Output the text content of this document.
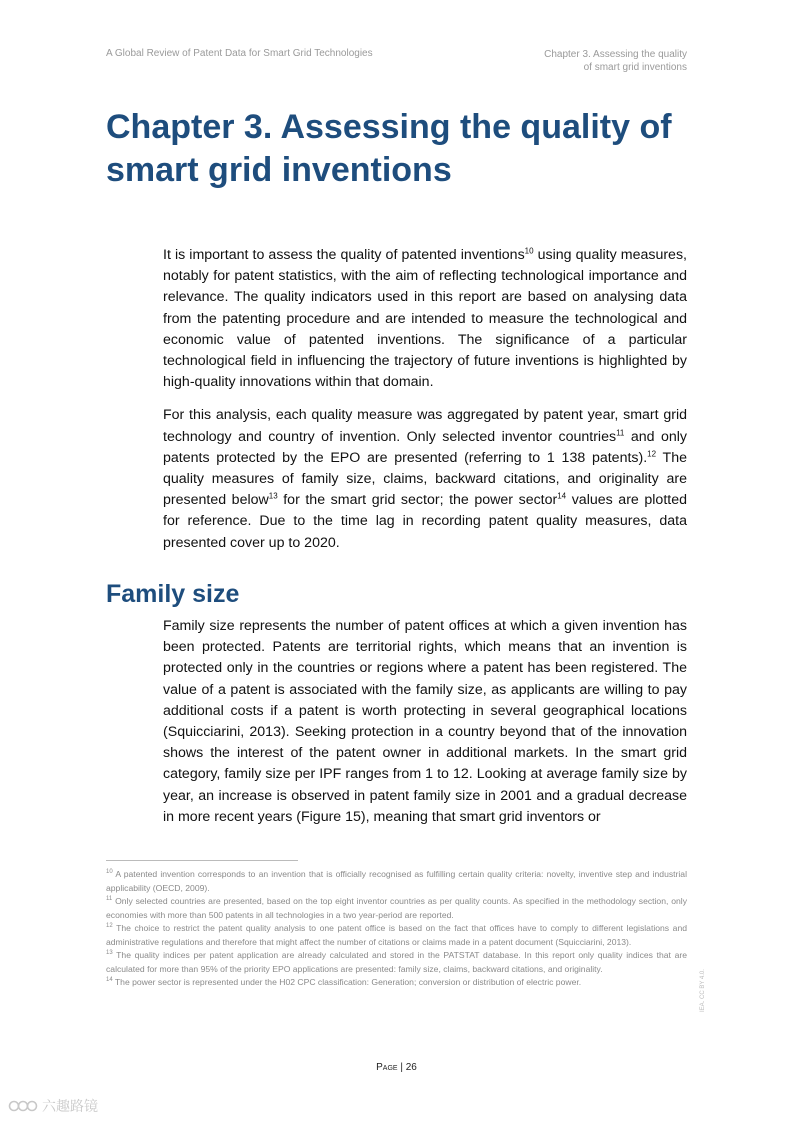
A Global Review of Patent Data for Smart Grid Technologies	Chapter 3. Assessing the quality
of smart grid inventions
Chapter 3. Assessing the quality of smart grid inventions

It is important to assess the quality of patented inventions$^{10}$ using quality measures, notably for patent statistics, with the aim of reflecting technological importance and relevance. The quality indicators used in this report are based on analysing data from the patenting procedure and are intended to measure the technological and economic value of patented inventions. The significance of a particular technological field in influencing the trajectory of future inventions is highlighted by high-quality innovations within that domain.

For this analysis, each quality measure was aggregated by patent year, smart grid technology and country of invention. Only selected inventor countries$^{11}$ and only patents protected by the EPO are presented (referring to 1 138 patents).$^{12}$ The quality measures of family size, claims, backward citations, and originality are presented below$^{13}$ for the smart grid sector; the power sector$^{14}$ values are plotted for reference. Due to the time lag in recording patent quality measures, data presented cover up to 2020.

Family size

Family size represents the number of patent offices at which a given invention has been protected. Patents are territorial rights, which means that an invention is protected only in the countries or regions where a patent has been registered. The value of a patent is associated with the family size, as applicants are willing to pay additional costs if a patent is worth protecting in several geographical locations (Squicciarini, 2013). Seeking protection in a country beyond that of the innovation shows the interest of the patent owner in additional markets. In the smart grid category, family size per IPF ranges from 1 to 12. Looking at average family size by year, an increase is observed in patent family size in 2001 and a gradual decrease in more recent years (Figure 15), meaning that smart grid inventors or

$^{10}$ A patented invention corresponds to an invention that is officially recognised as fulfilling certain quality criteria: novelty, inventive step and industrial applicability (OECD, 2009).

$^{11}$ Only selected countries are presented, based on the top eight inventor countries as per quality counts. As specified in the methodology section, only economies with more than 500 patents in all technologies in a two year-period are reported.

$^{12}$ The choice to restrict the patent quality analysis to one patent office is based on the fact that offices have to comply to different legislations and administrative regulations and therefore that might affect the number of citations or claims made in a patent document (Squicciarini, 2013).

$^{13}$ The quality indices per patent application are already calculated and stored in the PATSTAT database. In this report only quality indices that are calculated for more than 95% of the priority EPO applications are presented: family size, claims, backward citations, and originality.

$^{14}$ The power sector is represented under the H02 CPC classification: Generation; conversion or distribution of electric power.

Page | 26
IEA. CC BY 4.0.
六趣路镜
